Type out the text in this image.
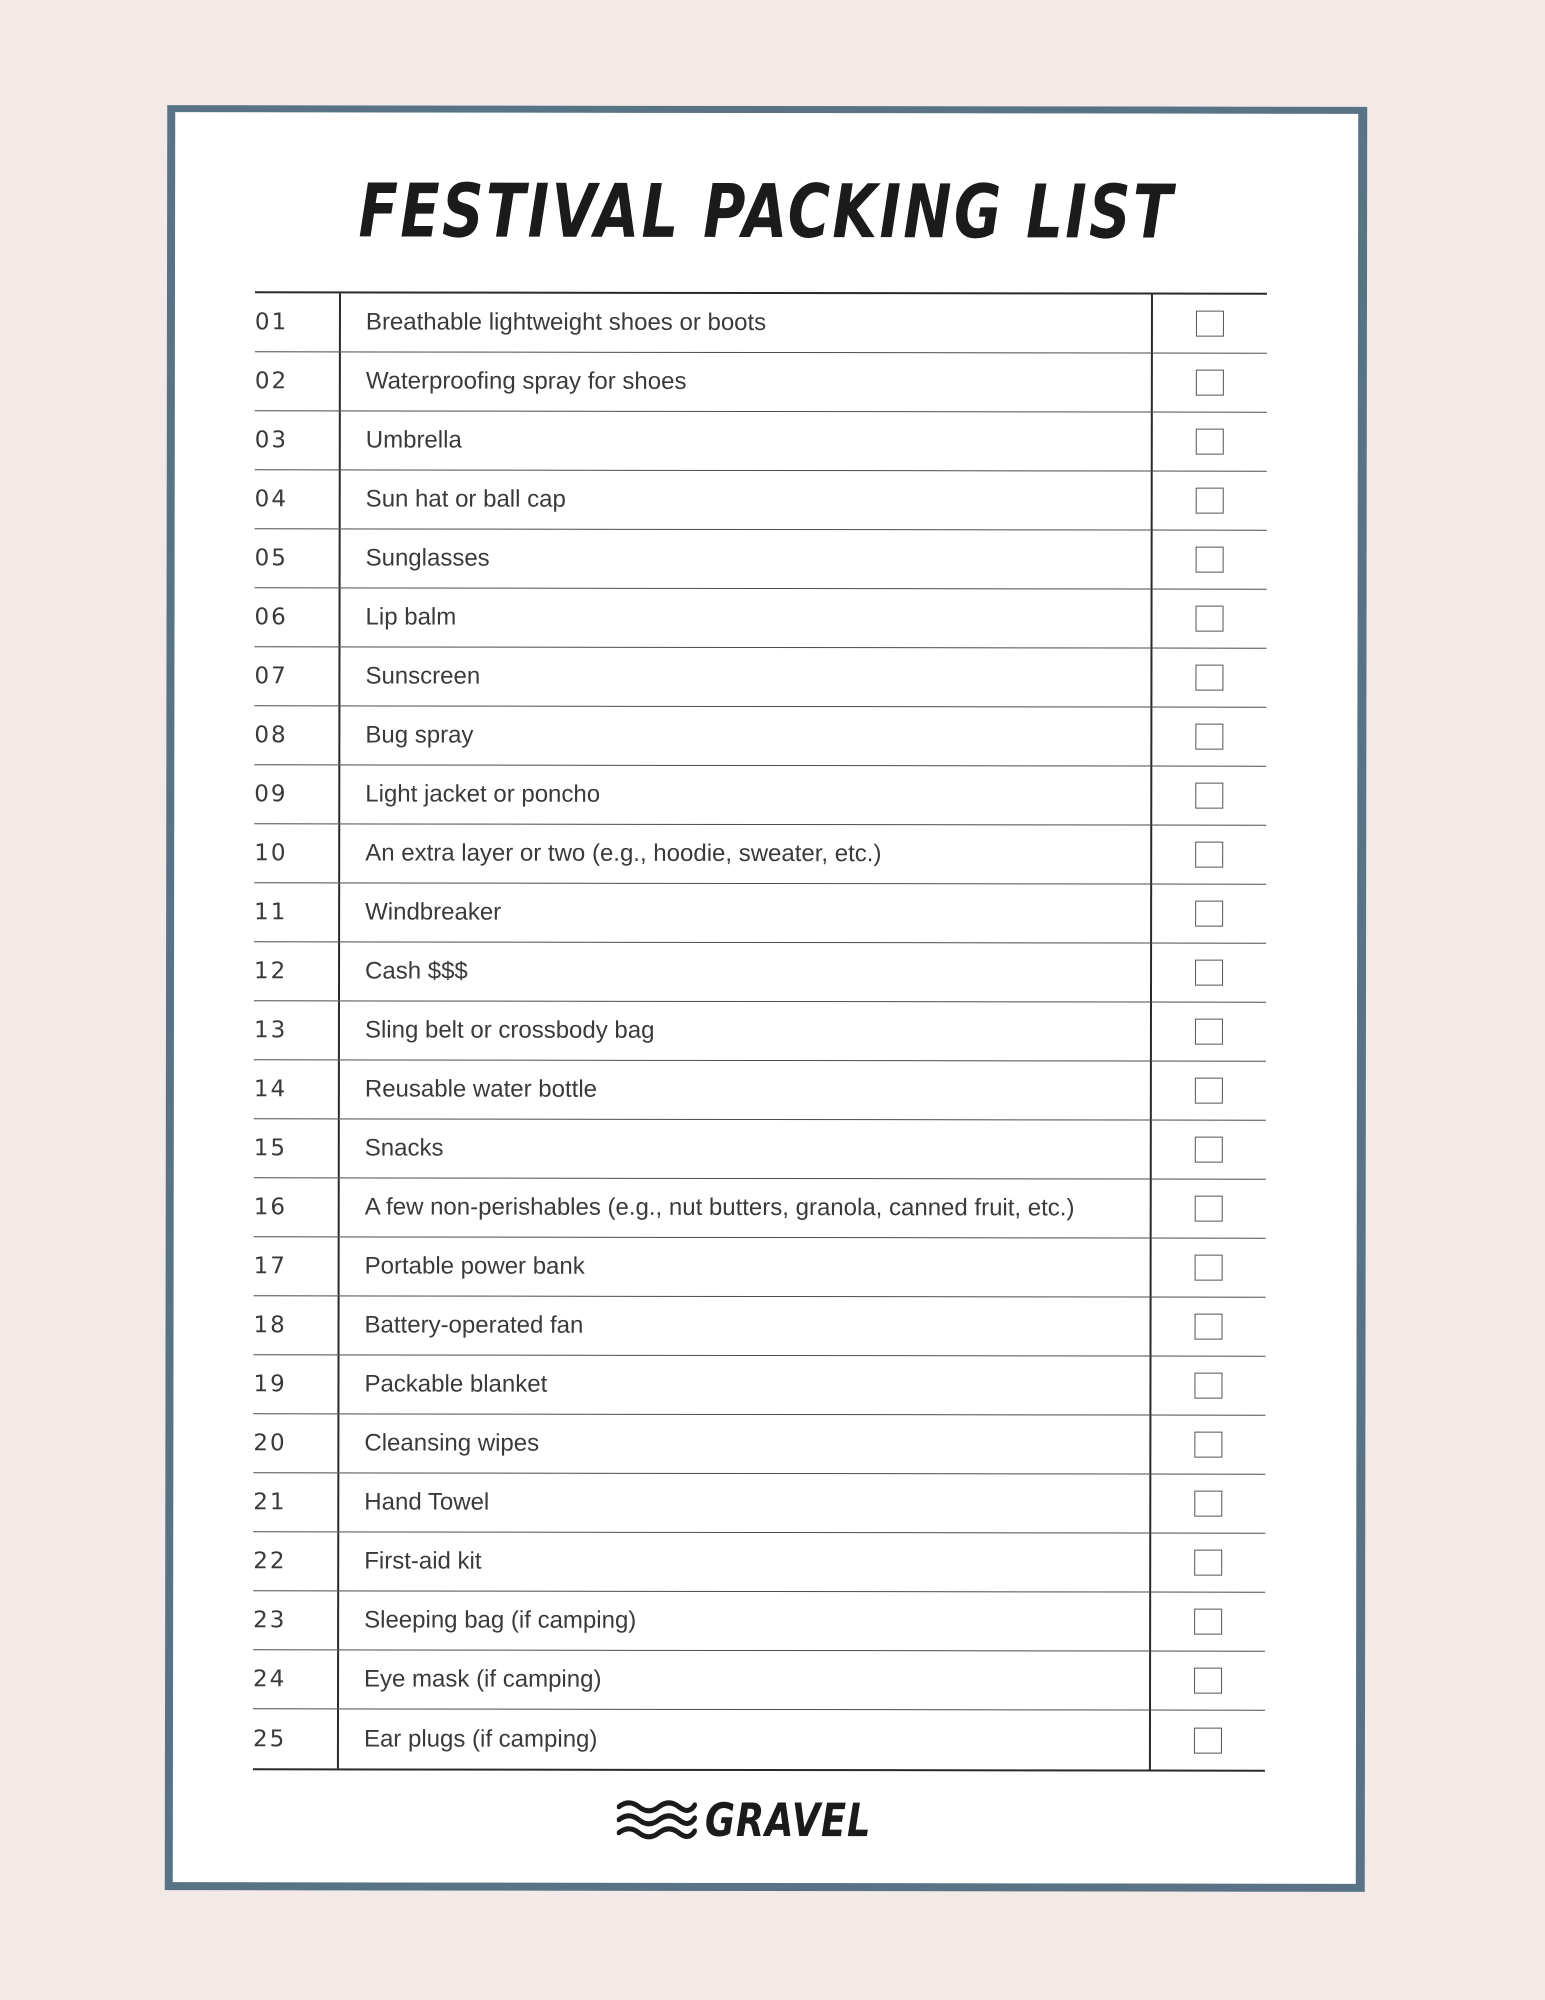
FESTIVAL PACKING LIST
01	Breathable lightweight shoes or boots
02	Waterproofing spray for shoes
03	Umbrella
04	Sun hat or ball cap
05	Sunglasses
06	Lip balm
07	Sunscreen
08	Bug spray
09	Light jacket or poncho
10	An extra layer or two (e.g., hoodie, sweater, etc.)
11	Windbreaker
12	Cash $$$
13	Sling belt or crossbody bag
14	Reusable water bottle
15	Snacks
16	A few non-perishables (e.g., nut butters, granola, canned fruit, etc.)
17	Portable power bank
18	Battery-operated fan
19	Packable blanket
20	Cleansing wipes
21	Hand Towel
22	First-aid kit
23	Sleeping bag (if camping)
24	Eye mask (if camping)
25	Ear plugs (if camping)
GRAVEL
